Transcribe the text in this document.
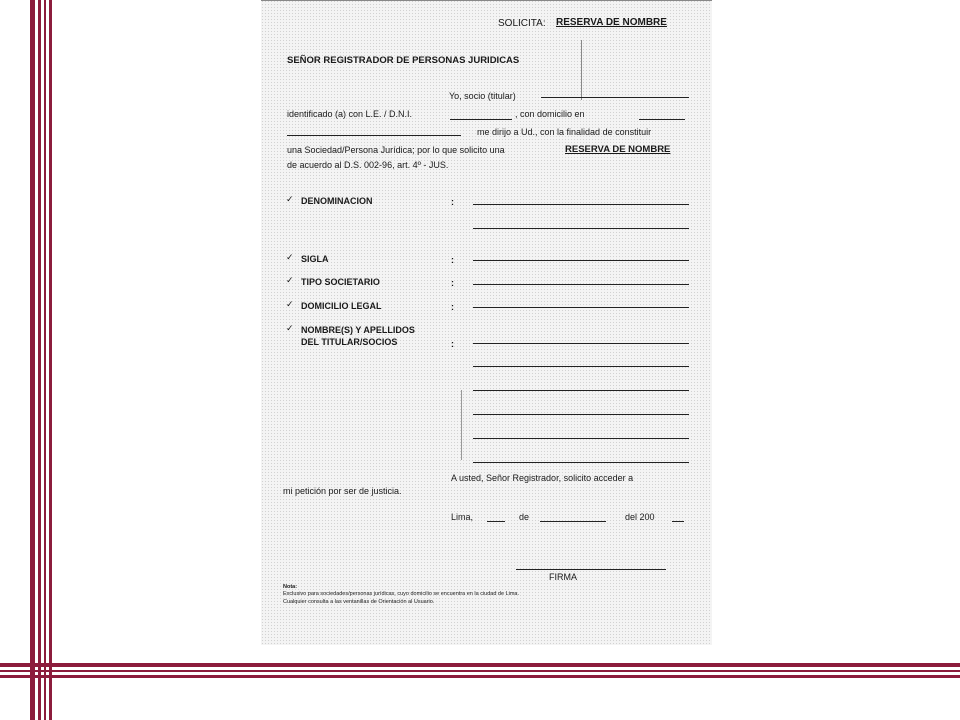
SOLICITA: RESERVA DE NOMBRE
SEÑOR REGISTRADOR DE PERSONAS JURIDICAS
Yo, socio (titular)
identificado (a) con L.E. / D.N.I.	, con domicilio en
me dirijo a Ud., con la finalidad de constituir
una Sociedad/Persona Jurídica; por lo que solicito una	RESERVA DE NOMBRE
de acuerdo al D.S. 002-96, art. 4º - JUS.
✓ DENOMINACION	:
✓ SIGLA	:
✓ TIPO SOCIETARIO	:
✓ DOMICILIO LEGAL	:
✓ NOMBRE(S) Y APELLIDOS
DEL TITULAR/SOCIOS	:
A usted, Señor Registrador, solicito acceder a
mi petición por ser de justicia.
Lima,	de	del 200
FIRMA
Nota:
Exclusivo para sociedades/personas jurídicas, cuyo domicilio se encuentra en la ciudad de Lima.
Cualquier consulta a las ventanillas de Orientación al Usuario.
